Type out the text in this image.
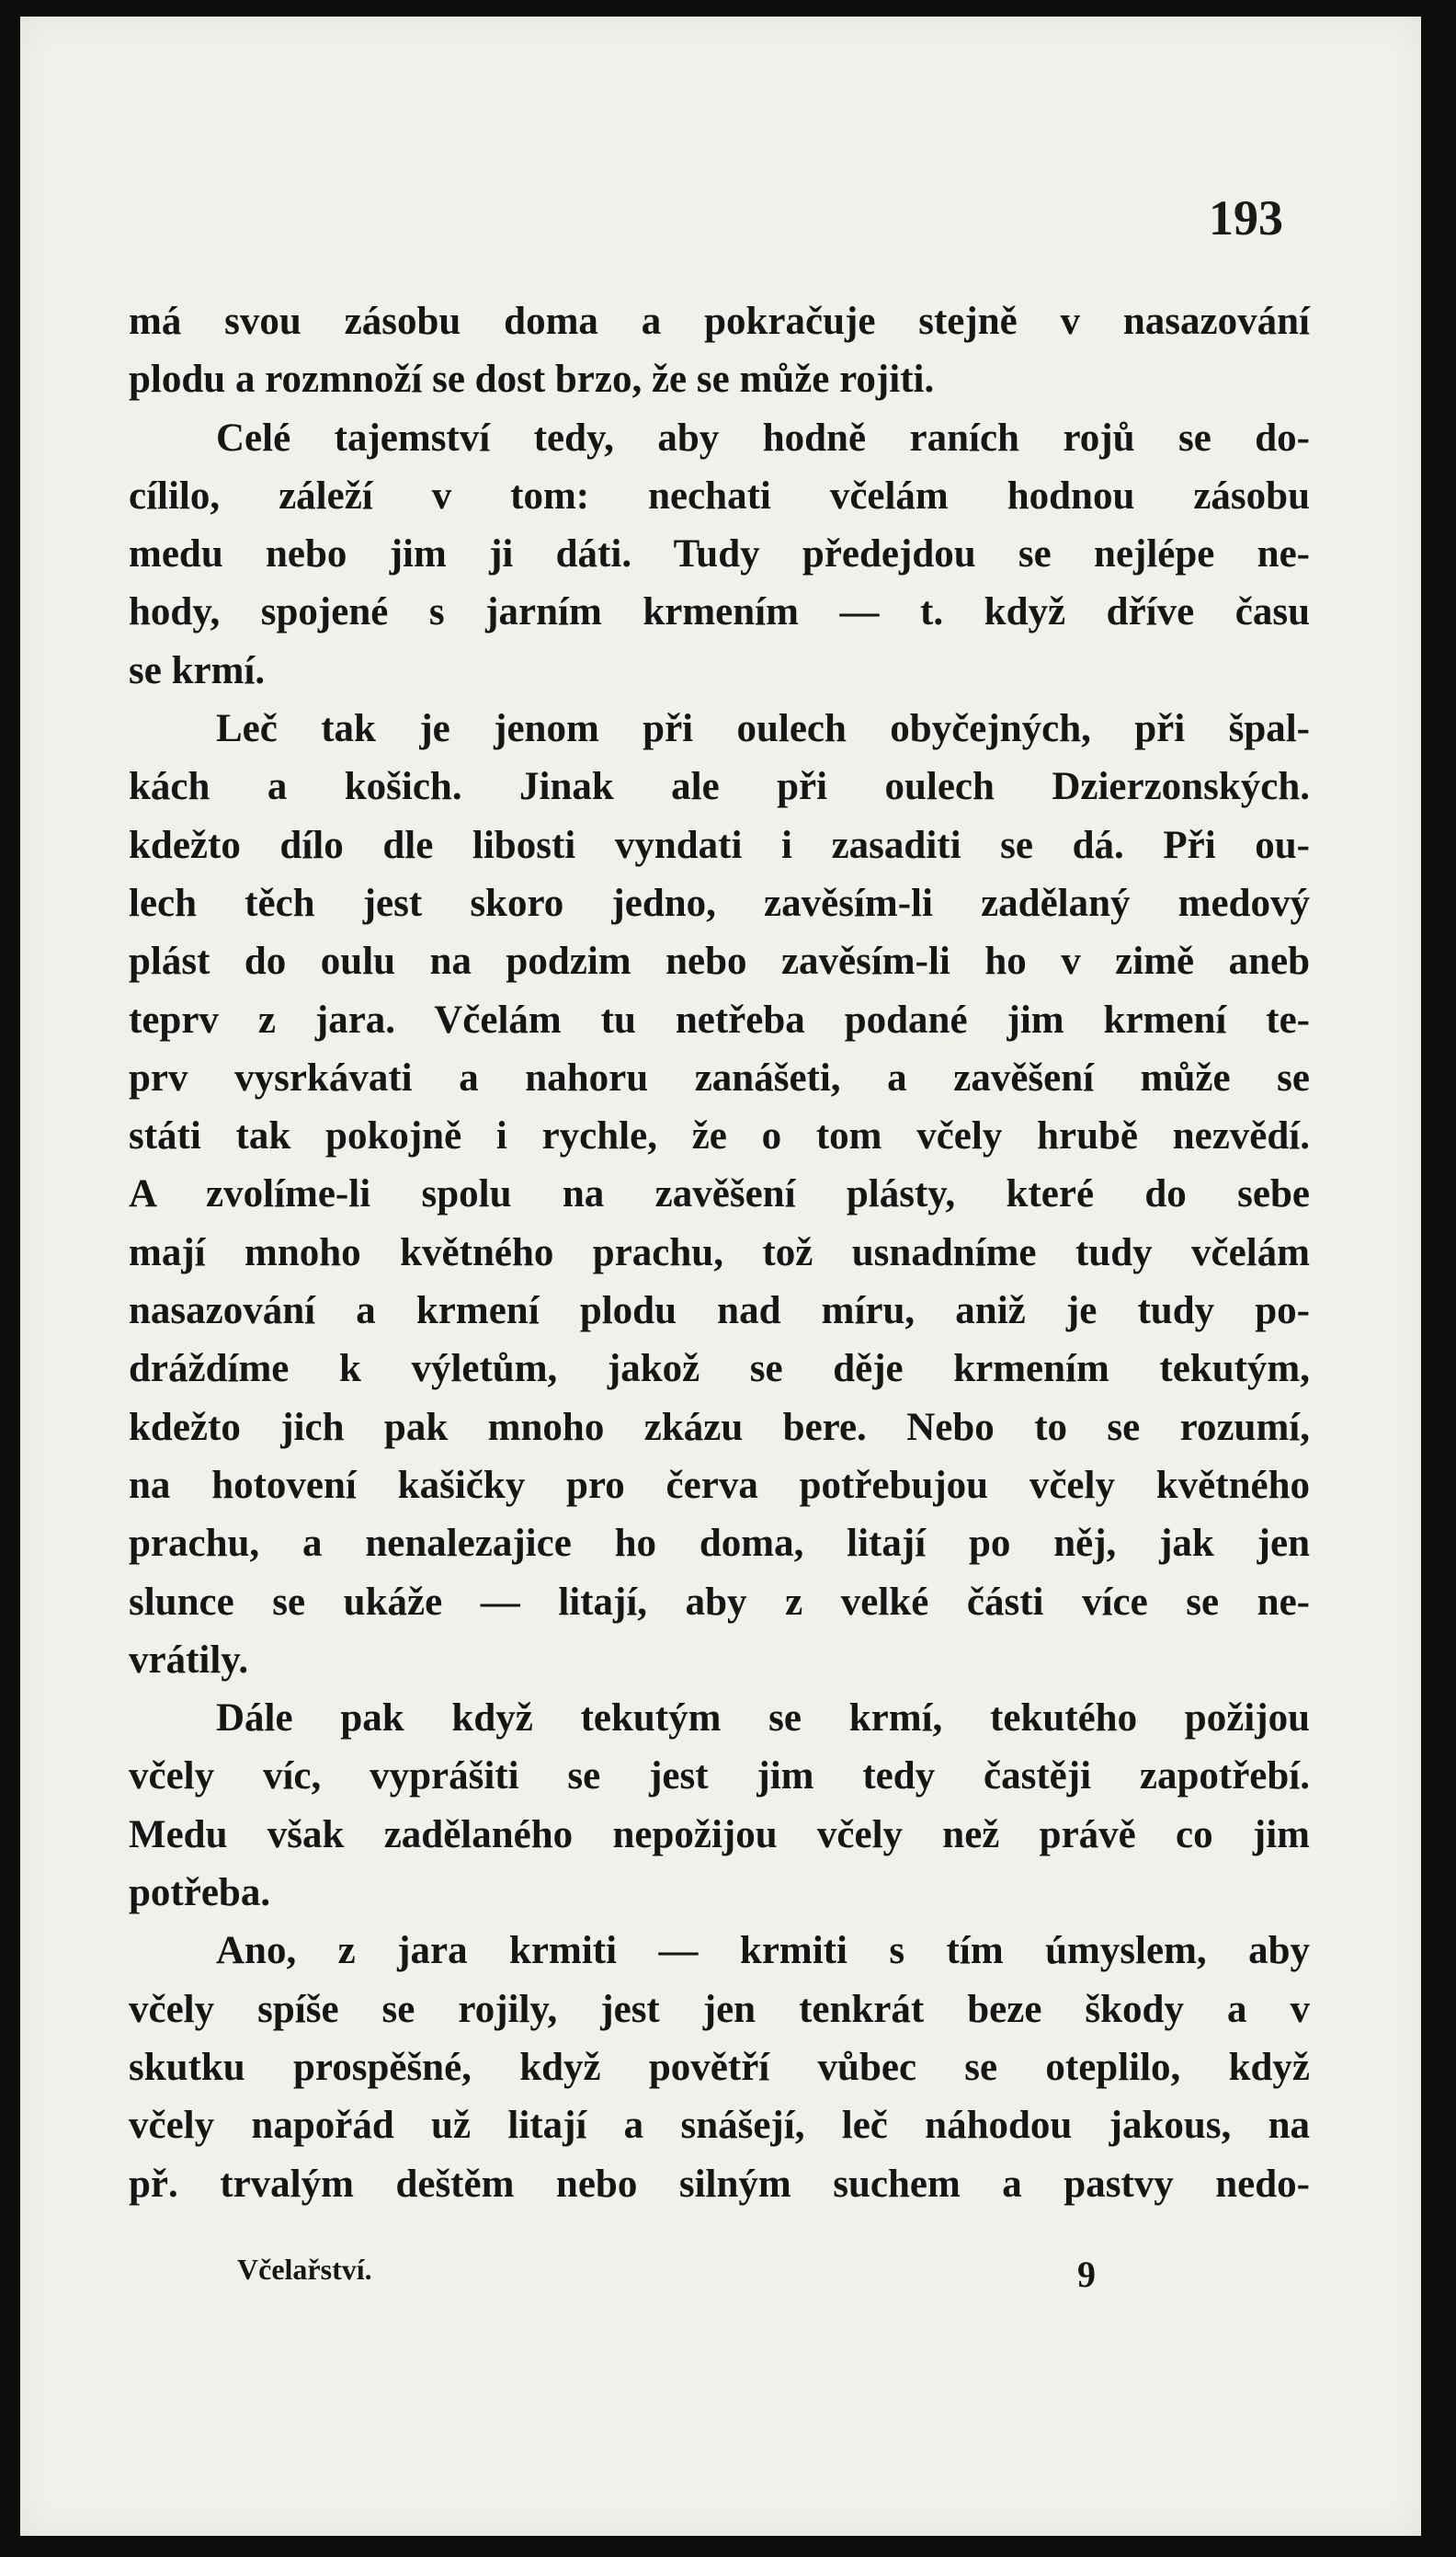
193
má svou zásobu doma a pokračuje stejně v nasazování
plodu a rozmnoží se dost brzo, že se může rojiti.
Celé tajemství tedy, aby hodně raních rojů se do-
cílilo, záleží v tom: nechati včelám hodnou zásobu
medu nebo jim ji dáti. Tudy předejdou se nejlépe ne-
hody, spojené s jarním krmením — t. když dříve času
se krmí.
Leč tak je jenom při oulech obyčejných, při špal-
kách a košich. Jinak ale při oulech Dzierzonských.
kdežto dílo dle libosti vyndati i zasaditi se dá. Při ou-
lech těch jest skoro jedno, zavěsím-li zadělaný medový
plást do oulu na podzim nebo zavěsím-li ho v zimě aneb
teprv z jara. Včelám tu netřeba podané jim krmení te-
prv vysrkávati a nahoru zanášeti, a zavěšení může se
státi tak pokojně i rychle, že o tom včely hrubě nezvědí.
A zvolíme-li spolu na zavěšení plásty, které do sebe
mají mnoho květného prachu, tož usnadníme tudy včelám
nasazování a krmení plodu nad míru, aniž je tudy po-
dráždíme k výletům, jakož se děje krmením tekutým,
kdežto jich pak mnoho zkázu bere. Nebo to se rozumí,
na hotovení kašičky pro červa potřebujou včely květného
prachu, a nenalezajice ho doma, litají po něj, jak jen
slunce se ukáže — litají, aby z velké části více se ne-
vrátily.
Dále pak když tekutým se krmí, tekutého požijou
včely víc, vyprášiti se jest jim tedy častěji zapotřebí.
Medu však zadělaného nepožijou včely než právě co jim
potřeba.
Ano, z jara krmiti — krmiti s tím úmyslem, aby
včely spíše se rojily, jest jen tenkrát beze škody a v
skutku prospěšné, když povětří vůbec se oteplilo, když
včely napořád už litají a snášejí, leč náhodou jakous, na
př. trvalým deštěm nebo silným suchem a pastvy nedo-
Včelařství.	9
